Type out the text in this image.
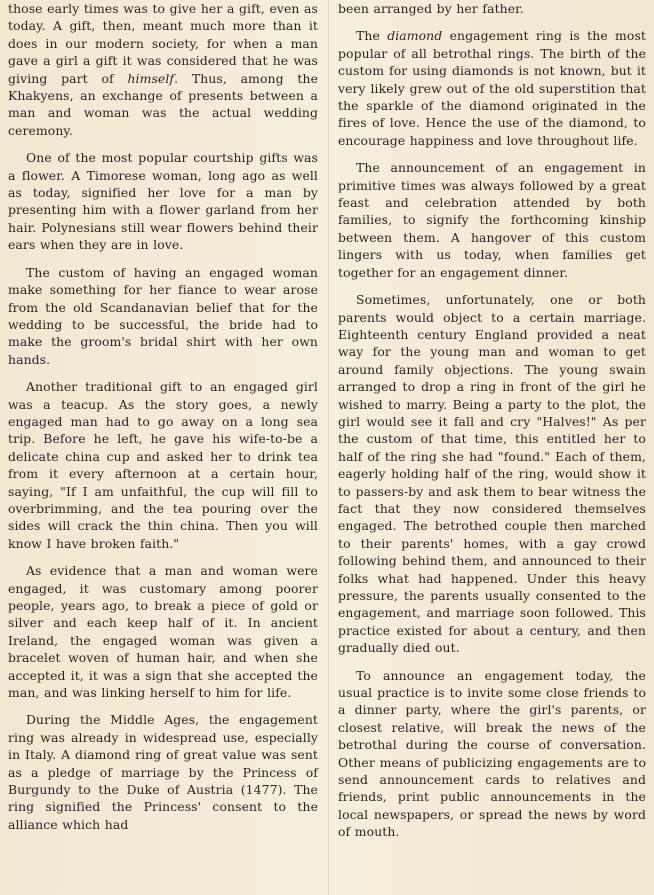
those early times was to give her a gift, even as today. A gift, then, meant much more than it does in our modern society, for when a man gave a girl a gift it was considered that he was giving part of himself. Thus, among the Khakyens, an exchange of presents between a man and woman was the actual wedding ceremony.

One of the most popular courtship gifts was a flower. A Timorese woman, long ago as well as today, signified her love for a man by presenting him with a flower garland from her hair. Polynesians still wear flowers behind their ears when they are in love.

The custom of having an engaged woman make something for her fiance to wear arose from the old Scandanavian belief that for the wedding to be successful, the bride had to make the groom's bridal shirt with her own hands.

Another traditional gift to an engaged girl was a teacup. As the story goes, a newly engaged man had to go away on a long sea trip. Before he left, he gave his wife-to-be a delicate china cup and asked her to drink tea from it every afternoon at a certain hour, saying, "If I am unfaithful, the cup will fill to overbrimming, and the tea pouring over the sides will crack the thin china. Then you will know I have broken faith."

As evidence that a man and woman were engaged, it was customary among poorer people, years ago, to break a piece of gold or silver and each keep half of it. In ancient Ireland, the engaged woman was given a bracelet woven of human hair, and when she accepted it, it was a sign that she accepted the man, and was linking herself to him for life.

During the Middle Ages, the engagement ring was already in widespread use, especially in Italy. A diamond ring of great value was sent as a pledge of marriage by the Princess of Burgundy to the Duke of Austria (1477). The ring signified the Princess' consent to the alliance which had

been arranged by her father.

The diamond engagement ring is the most popular of all betrothal rings. The birth of the custom for using diamonds is not known, but it very likely grew out of the old superstition that the sparkle of the diamond originated in the fires of love. Hence the use of the diamond, to encourage happiness and love throughout life.

The announcement of an engagement in primitive times was always followed by a great feast and celebration attended by both families, to signify the forthcoming kinship between them. A hangover of this custom lingers with us today, when families get together for an engagement dinner.

Sometimes, unfortunately, one or both parents would object to a certain marriage. Eighteenth century England provided a neat way for the young man and woman to get around family objections. The young swain arranged to drop a ring in front of the girl he wished to marry. Being a party to the plot, the girl would see it fall and cry "Halves!" As per the custom of that time, this entitled her to half of the ring she had "found." Each of them, eagerly holding half of the ring, would show it to passers-by and ask them to bear witness the fact that they now considered themselves engaged. The betrothed couple then marched to their parents' homes, with a gay crowd following behind them, and announced to their folks what had happened. Under this heavy pressure, the parents usually consented to the engagement, and marriage soon followed. This practice existed for about a century, and then gradually died out.

To announce an engagement today, the usual practice is to invite some close friends to a dinner party, where the girl's parents, or closest relative, will break the news of the betrothal during the course of conversation. Other means of publicizing engagements are to send announcement cards to relatives and friends, print public announcements in the local newspapers, or spread the news by word of mouth.
